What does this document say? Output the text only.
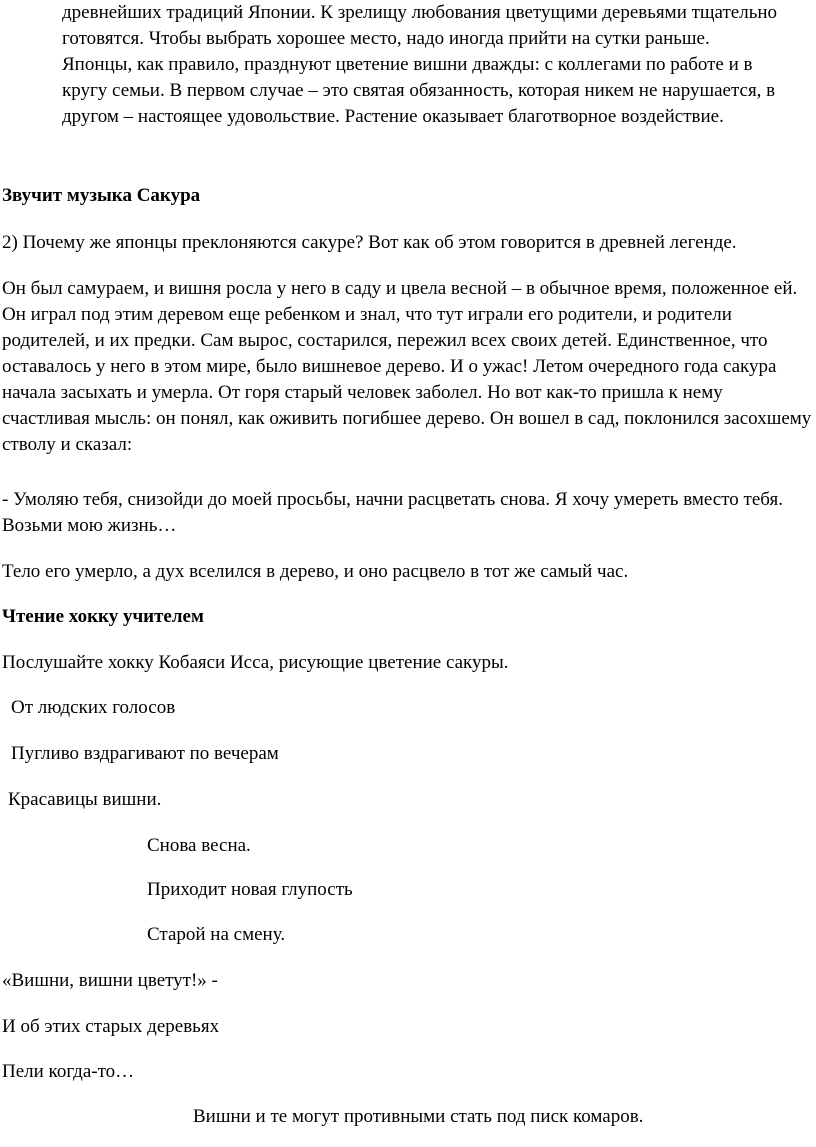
древнейших традиций Японии. К зрелищу любования цветущими деревьями тщательно готовятся. Чтобы выбрать хорошее место, надо иногда прийти на сутки раньше. Японцы, как правило, празднуют цветение вишни дважды: с коллегами по работе и в кругу семьи. В первом случае – это святая обязанность, которая никем не нарушается, в другом – настоящее удовольствие. Растение оказывает благотворное воздействие.

Звучит музыка Сакура

2) Почему же японцы преклоняются сакуре? Вот как об этом говорится в древней легенде.

Он был самураем, и вишня росла у него в саду и цвела весной – в обычное время, положенное ей. Он играл под этим деревом еще ребенком и знал, что тут играли его родители, и родители родителей, и их предки. Сам вырос, состарился, пережил всех своих детей. Единственное, что оставалось у него в этом мире, было вишневое дерево. И о ужас! Летом очередного года сакура начала засыхать и умерла. От горя старый человек заболел. Но вот как-то пришла к нему счастливая мысль: он понял, как оживить погибшее дерево. Он вошел в сад, поклонился засохшему стволу и сказал:

- Умоляю тебя, снизойди до моей просьбы, начни расцветать снова. Я хочу умереть вместо тебя. Возьми мою жизнь…

Тело его умерло, а дух вселился в дерево, и оно расцвело в тот же самый час.

Чтение хокку учителем

Послушайте хокку Кобаяси Исса, рисующие цветение сакуры.

От людских голосов

Пугливо вздрагивают по вечерам

Красавицы вишни.

Снова весна.

Приходит новая глупость

Старой на смену.

«Вишни, вишни цветут!» -

И об этих старых деревьях

Пели когда-то…

Вишни и те могут противными стать под писк комаров.
